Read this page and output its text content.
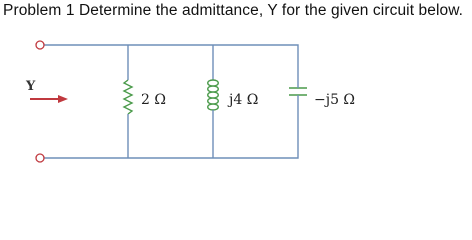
Problem 1 Determine the admittance, Y for the given circuit below.
Y
2 Ω	j4 Ω	−j5 Ω
